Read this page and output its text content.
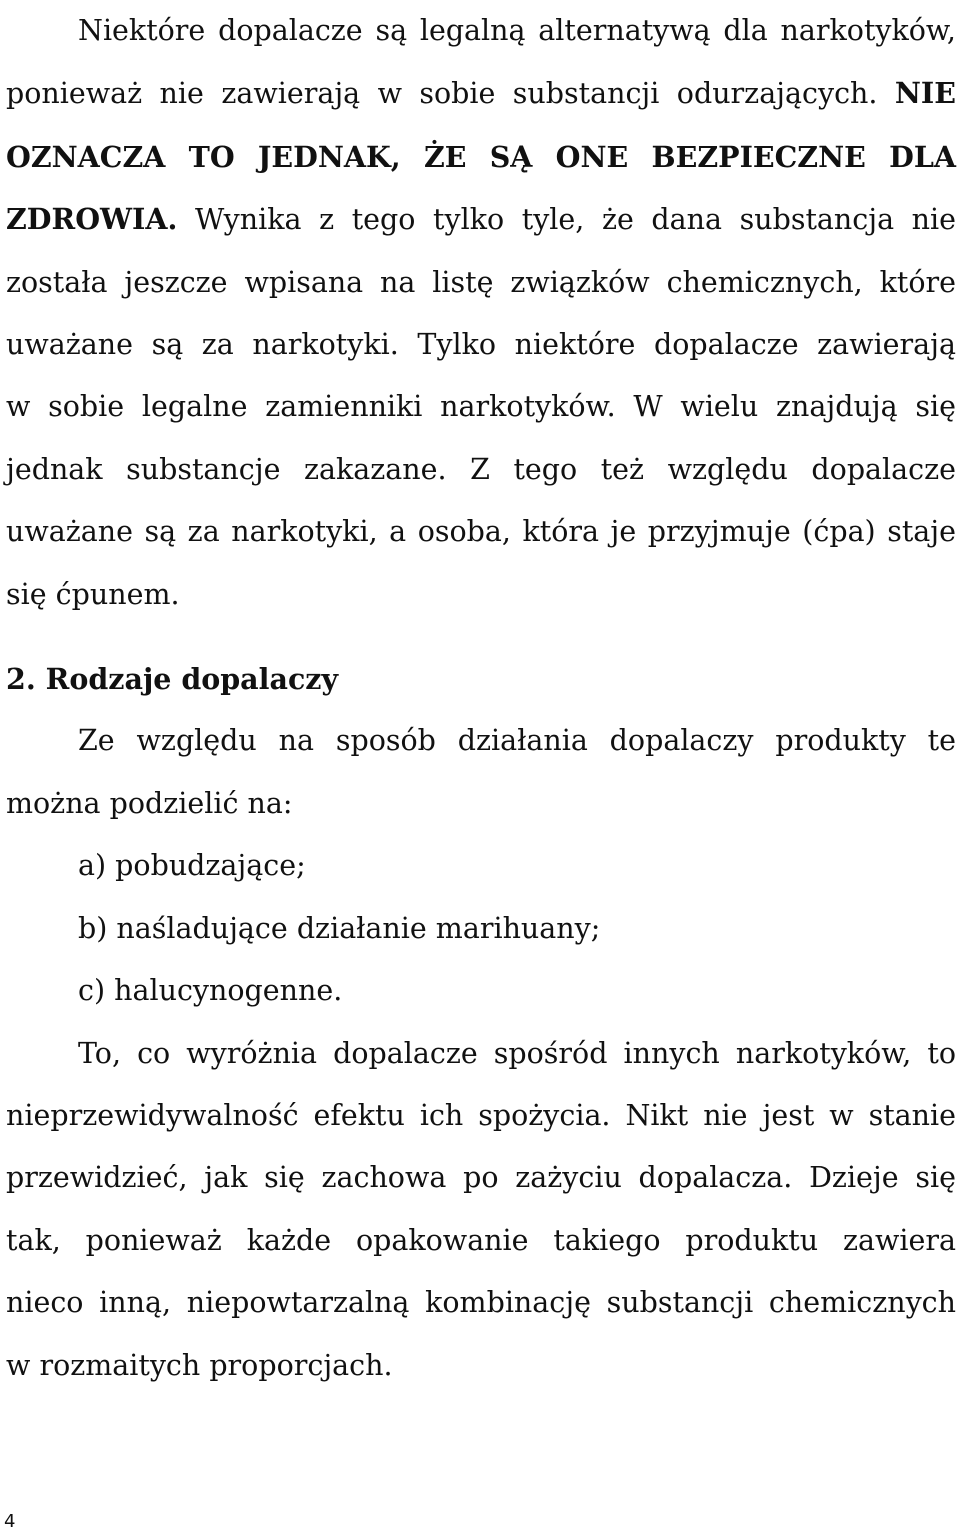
Niektóre dopalacze są legalną alternatywą dla narkotyków,
ponieważ nie zawierają w sobie substancji odurzających. NIE
OZNACZA TO JEDNAK, ŻE SĄ ONE BEZPIECZNE DLA
ZDROWIA. Wynika z tego tylko tyle, że dana substancja nie
została jeszcze wpisana na listę związków chemicznych, które
uważane są za narkotyki. Tylko niektóre dopalacze zawierają
w sobie legalne zamienniki narkotyków. W wielu znajdują się
jednak substancje zakazane. Z tego też względu dopalacze
uważane są za narkotyki, a osoba, która je przyjmuje (ćpa) staje
się ćpunem.
2. Rodzaje dopalaczy
Ze względu na sposób działania dopalaczy produkty te
można podzielić na:
a) pobudzające;
b) naśladujące działanie marihuany;
c) halucynogenne.
To, co wyróżnia dopalacze spośród innych narkotyków, to
nieprzewidywalność efektu ich spożycia. Nikt nie jest w stanie
przewidzieć, jak się zachowa po zażyciu dopalacza. Dzieje się
tak, ponieważ każde opakowanie takiego produktu zawiera
nieco inną, niepowtarzalną kombinację substancji chemicznych
w rozmaitych proporcjach.
4
